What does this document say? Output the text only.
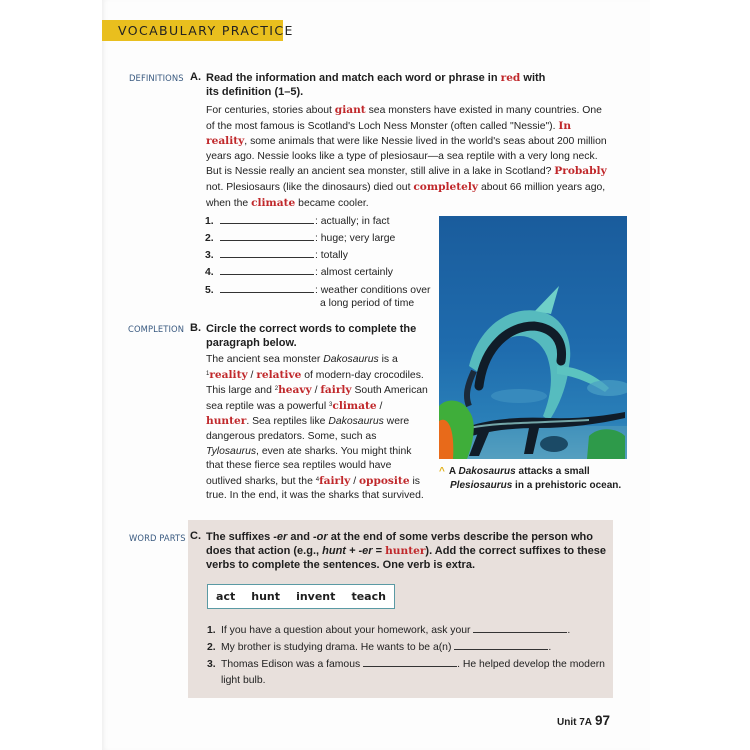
VOCABULARY PRACTICE
DEFINITIONS A. Read the information and match each word or phrase in red with its definition (1–5).
For centuries, stories about giant sea monsters have existed in many countries. One of the most famous is Scotland's Loch Ness Monster (often called "Nessie"). In reality, some animals that were like Nessie lived in the world's seas about 200 million years ago. Nessie looks like a type of plesiosaur—a sea reptile with a very long neck. But is Nessie really an ancient sea monster, still alive in a lake in Scotland? Probably not. Plesiosaurs (like the dinosaurs) died out completely about 66 million years ago, when the climate became cooler.
1.	: actually; in fact
2.	: huge; very large
3.	: totally
4.	: almost certainly
5.	: weather conditions over
a long period of time
COMPLETION B. Circle the correct words to complete the paragraph below.
The ancient sea monster Dakosaurus is a $^1$reality / relative of modern-day crocodiles. This large and $^2$heavy / fairly South American sea reptile was a powerful $^3$climate / hunter. Sea reptiles like Dakosaurus were dangerous predators. Some, such as Tylosaurus, even ate sharks. You might think that these fierce sea reptiles would have outlived sharks, but the $^4$fairly / opposite is true. In the end, it was the sharks that survived.
^ A Dakosaurus attacks a small
Plesiosaurus in a prehistoric ocean.
WORD PARTS C. The suffixes -er and -or at the end of some verbs describe the person who does that action (e.g., hunt + -er = hunter). Add the correct suffixes to these verbs to complete the sentences. One verb is extra.
act hunt invent teach
1. If you have a question about your homework, ask your	.
2. My brother is studying drama. He wants to be a(n)	.
3. Thomas Edison was a famous	. He helped develop the modern
light bulb.
Unit 7A 97
